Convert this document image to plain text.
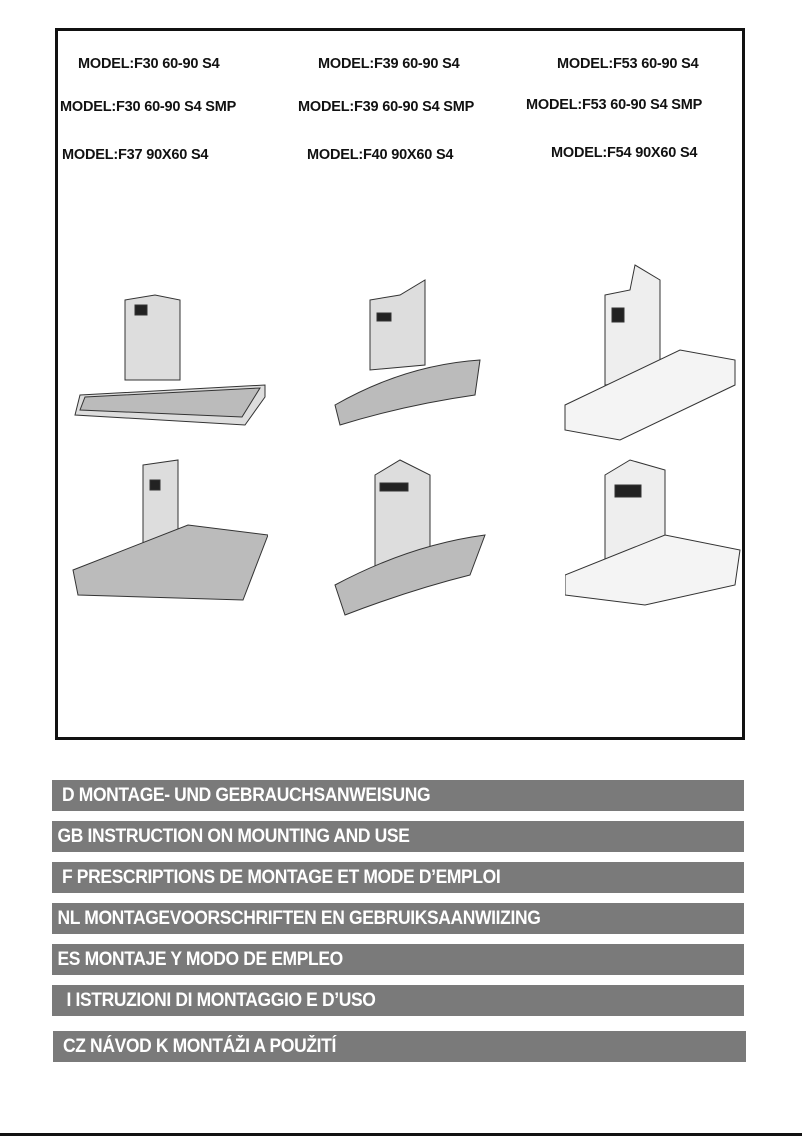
MODEL:F30 60-90 S4	MODEL:F39 60-90 S4	MODEL:F53 60-90 S4
MODEL:F30 60-90 S4 SMP	MODEL:F39 60-90 S4 SMP	MODEL:F53 60-90 S4 SMP
MODEL:F37 90X60 S4	MODEL:F40 90X60 S4	MODEL:F54 90X60 S4
D MONTAGE- UND GEBRAUCHSANWEISUNG
GB INSTRUCTION ON MOUNTING AND USE
F PRESCRIPTIONS DE MONTAGE ET MODE D’EMPLOI
NL MONTAGEVOORSCHRIFTEN EN GEBRUIKSAANWIIZING
ES MONTAJE Y MODO DE EMPLEO
I ISTRUZIONI DI MONTAGGIO E D’USO
CZ NÁVOD K MONTÁŽI A POUŽITÍ
